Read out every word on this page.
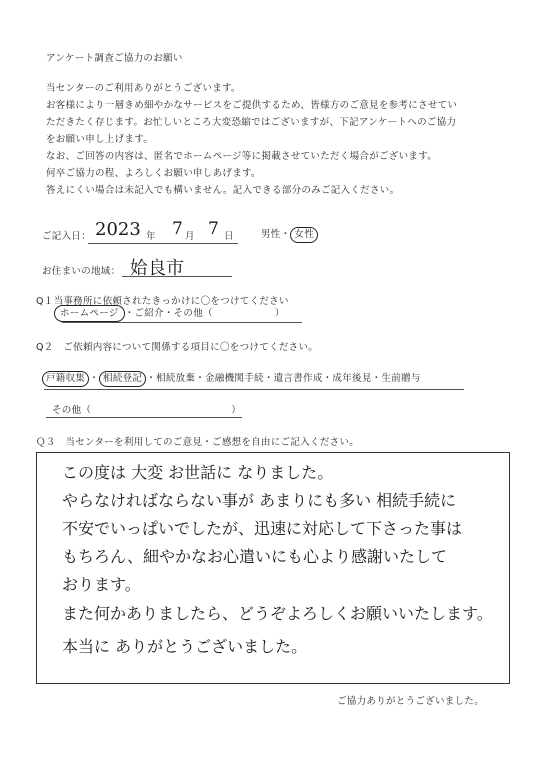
アンケート調査ご協力のお願い
当センターのご利用ありがとうございます。
お客様により一層きめ細やかなサービスをご提供するため、皆様方のご意見を参考にさせてい
ただきたく存じます。お忙しいところ大変恐縮ではございますが、下記アンケートへのご協力
をお願い申し上げます。
なお、ご回答の内容は、匿名でホームページ等に掲載させていただく場合がございます。
何卒ご協力の程、よろしくお願い申しあげます。
答えにくい場合は未記入でも構いません。記入できる部分のみご記入ください。
ご記入日： 2023 年 7 月 7 日	男性・ 女性
お住まいの地域： 姶良市
Q１当事務所に依頼されたきっかけに〇をつけてください
ホームページ ・ご紹介・その他（	）
Q２　ご依頼内容について関係する項目に〇をつけてください。
戸籍収集 ・ 相続登記 ・相続放棄・金融機関手続・遺言書作成・成年後見・生前贈与
その他（	）
Ｑ３　当センターを利用してのご意見・ご感想を自由にご記入ください。
この度は 大変 お世話に なりました。
やらなければならない事が あまりにも多い 相続手続に
不安でいっぱいでしたが、迅速に対応して下さった事は
もちろん、細やかなお心遣いにも心より感謝いたして
おります。
また何かありましたら、どうぞよろしくお願いいたします。
本当に ありがとうございました。
ご協力ありがとうございました。
